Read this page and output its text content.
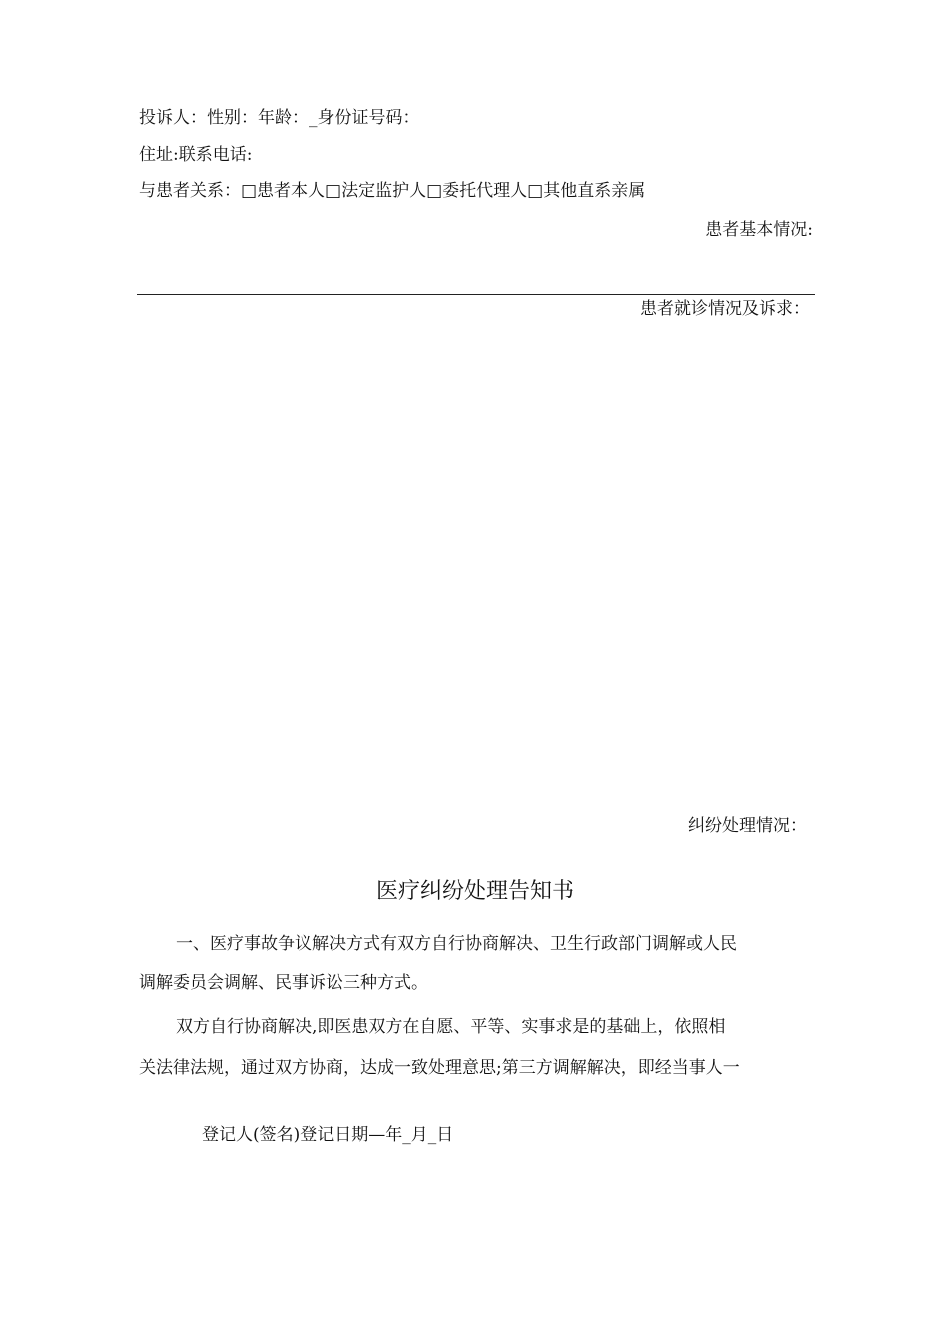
投诉人：性别：年龄：_身份证号码：
住址:联系电话:
与患者关系：□患者本人□法定监护人□委托代理人□其他直系亲属
患者基本情况:
患者就诊情况及诉求：
纠纷处理情况：
医疗纠纷处理告知书
一、医疗事故争议解决方式有双方自行协商解决、卫生行政部门调解或人民
调解委员会调解、民事诉讼三种方式。
双方自行协商解决,即医患双方在自愿、平等、实事求是的基础上，依照相
关法律法规，通过双方协商，达成一致处理意思;第三方调解解决，即经当事人一
登记人(签名)登记日期—年_月_日
